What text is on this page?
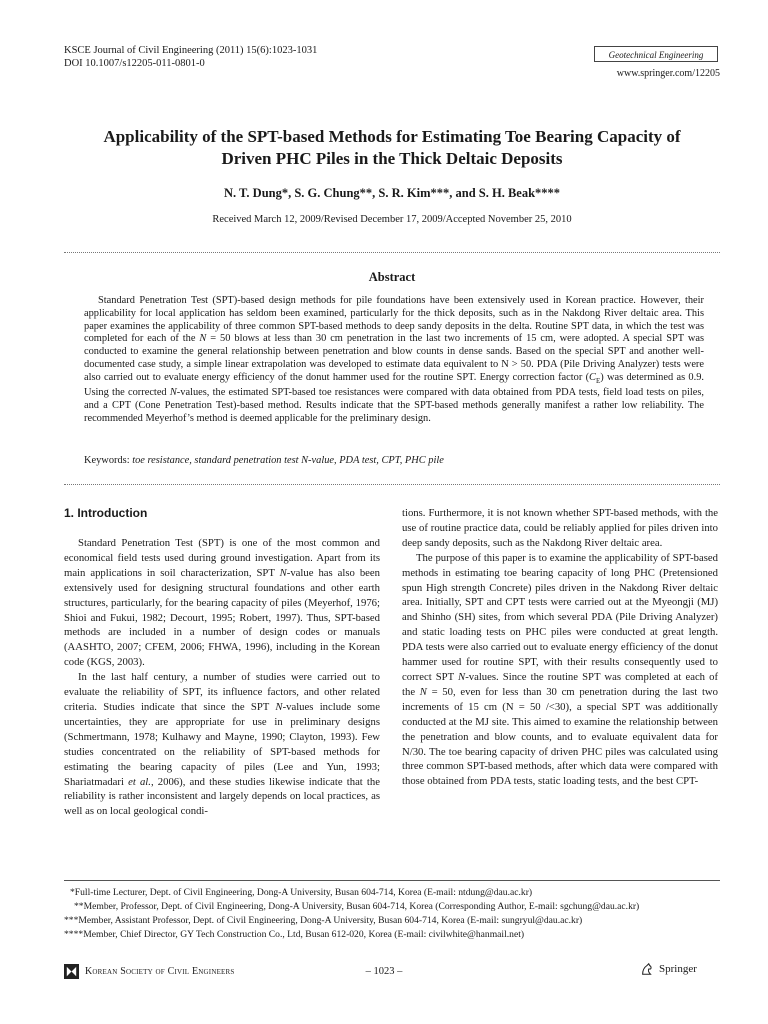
KSCE Journal of Civil Engineering (2011) 15(6):1023-1031
DOI 10.1007/s12205-011-0801-0
Geotechnical Engineering
www.springer.com/12205
Applicability of the SPT-based Methods for Estimating Toe Bearing Capacity of
Driven PHC Piles in the Thick Deltaic Deposits
N. T. Dung*, S. G. Chung**, S. R. Kim***, and S. H. Beak****
Received March 12, 2009/Revised December 17, 2009/Accepted November 25, 2010
Abstract

Standard Penetration Test (SPT)-based design methods for pile foundations have been extensively used in Korean practice. However, their applicability for local application has seldom been examined, particularly for the thick deposits, such as in the Nakdong River deltaic area. This paper examines the applicability of three common SPT-based methods to deep sandy deposits in the delta. Routine SPT data, in which the test was completed for each of the N = 50 blows at less than 30 cm penetration in the last two increments of 15 cm, were adopted. A special SPT was conducted to examine the general relationship between penetration and blow counts in dense sands. Based on the special SPT and another well-documented case study, a simple linear extrapolation was developed to estimate data equivalent to N > 50. PDA (Pile Driving Analyzer) tests were also carried out to evaluate energy efficiency of the donut hammer used for the routine SPT. Energy correction factor $(C_E)$ was determined as 0.9. Using the corrected N-values, the estimated SPT-based toe resistances were compared with data obtained from PDA tests, field load tests on piles, and a CPT (Cone Penetration Test)-based method. Results indicate that the SPT-based methods generally manifest a rather low reliability. The recommended Meyerhof’s method is deemed applicable for the preliminary design.

Keywords: toe resistance, standard penetration test N-value, PDA test, CPT, PHC pile
1. Introduction

Standard Penetration Test (SPT) is one of the most common and economical field tests used during ground investigation. Apart from its main applications in soil characterization, SPT N-value has also been extensively used for designing structural foundations and other earth structures, particularly, for the bearing capacity of piles (Meyerhof, 1976; Shioi and Fukui, 1982; Decourt, 1995; Robert, 1997). Thus, SPT-based methods are included in a number of design codes or manuals (AASHTO, 2007; CFEM, 2006; FHWA, 1996), including in the Korean code (KGS, 2003).

In the last half century, a number of studies were carried out to evaluate the reliability of SPT, its influence factors, and other related criteria. Studies indicate that since the SPT N-values include some uncertainties, they are appropriate for use in preliminary designs (Schmertmann, 1978; Kulhawy and Mayne, 1990; Clayton, 1993). Few studies concentrated on the reliability of SPT-based methods for estimating the bearing capacity of piles (Lee and Yun, 1993; Shariatmadari et al., 2006), and these studies likewise indicate that the reliability is rather inconsistent and largely depends on local practices, as well as on local geological condi-

tions. Furthermore, it is not known whether SPT-based methods, with the use of routine practice data, could be reliably applied for piles driven into deep sandy deposits, such as the Nakdong River deltaic area.

The purpose of this paper is to examine the applicability of SPT-based methods in estimating toe bearing capacity of long PHC (Pretensioned spun High strength Concrete) piles driven in the Nakdong River deltaic area. Initially, SPT and CPT tests were carried out at the Myeongji (MJ) and Shinho (SH) sites, from which several PDA (Pile Driving Analyzer) and static loading tests on PHC piles were conducted at great length. PDA tests were also carried out to evaluate energy efficiency of the donut hammer used for routine SPT, with their results consequently used to correct SPT N-values. Since the routine SPT was completed at each of the N = 50, even for less than 30 cm penetration during the last two increments of 15 cm (N = 50 /<30), a special SPT was additionally conducted at the MJ site. This aimed to examine the relationship between the penetration and blow counts, and to evaluate equivalent data for N/30. The toe bearing capacity of driven PHC piles was calculated using three common SPT-based methods, after which data were compared with those obtained from PDA tests, static loading tests, and the best CPT-

*Full-time Lecturer, Dept. of Civil Engineering, Dong-A University, Busan 604-714, Korea (E-mail: ntdung@dau.ac.kr)
**Member, Professor, Dept. of Civil Engineering, Dong-A University, Busan 604-714, Korea (Corresponding Author, E-mail: sgchung@dau.ac.kr)
***Member, Assistant Professor, Dept. of Civil Engineering, Dong-A University, Busan 604-714, Korea (E-mail: sungryul@dau.ac.kr)
****Member, Chief Director, GY Tech Construction Co., Ltd, Busan 612-020, Korea (E-mail: civilwhite@hanmail.net)
Korean Society of Civil Engineers	– 1023 –	Springer
